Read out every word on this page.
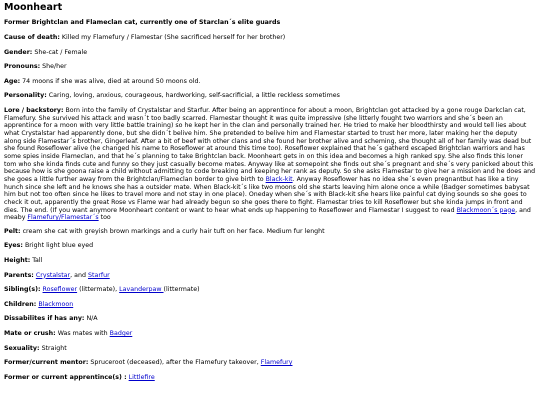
Moonheart
Former Brightclan and Flameclan cat, currently one of Starclan´s elite guards
Cause of death: Killed my Flamefury / Flamestar (She sacrificed herself for her brother)
Gender: She-cat / Female
Pronouns: She/her
Age: 74 moons if she was alive, died at around 50 moons old.
Personality: Caring, loving, anxious, courageous, hardworking, self-sacrificial, a little reckless sometimes
Lore / backstory: Born into the family of Crystalstar and Starfur. After being an apprentince for about a moon, Brightclan got attacked by a gone rouge Darkclan cat, Flamefury. She survived his attack and wasn´t too badly scarred. Flamestar thought it was quite impressive (she litterly fought two warriors and she´s been an apprentince for a moon with very little battle training) so he kept her in the clan and personally trained her. He tried to make her bloodthirsty and would tell lies about what Crystalstar had apparently done, but she didn´t belive him. She pretended to belive him and Flamestar started to trust her more, later making her the deputy along side Flamestar´s brother, Gingerleaf. After a bit of beef with other clans and she found her brother alive and scheming, she thought all of her family was dead but she found Roseflower alive (he changed his name to Roseflower at around this time too). Roseflower explained that he´s gatherd escaped Brightclan warriors and has some spies inside Flameclan, and that he´s planning to take Brightclan back. Moonheart gets in on this idea and becomes a high ranked spy. She also finds this loner tom who she kinda finds cute and funny so they just casually become mates. Anyway like at somepoint she finds out she´s pregnant and she´s very panicked about this because how is she goona raise a child without admitting to code breaking and keeping her rank as deputy. So she asks Flamestar to give her a mission and he does and she goes a little further away from the Brightclan/Flameclan border to give birth to Black-kit. Anyway Roseflower has no idea she´s even pregnantbut has like a tiny hunch since she left and he knows she has a outsider mate. When Black-kit´s like two moons old she starts leaving him alone once a while (Badger sometimes babysat him but not too often since he likes to travel more and not stay in one place). Oneday when she´s with Black-kit she hears like painful cat dying sounds so she goes to check it out, apparently the great Rose vs Flame war had already begun so she goes there to fight. Flamestar tries to kill Roseflower but she kinda jumps in front and dies. The end. (If you want anymore Moonheart content or want to hear what ends up happening to Roseflower and Flamestar I suggest to read Blackmoon´s page, and meaby Flamefury/Flamestar´s too
Pelt: cream she cat with greyish brown markings and a curly hair tuft on her face. Medium fur lenght
Eyes: Bright light blue eyed
Height: Tall
Parents: Crystalstar, and Starfur
Sibling(s): Roseflower (littermate), Lavanderpaw (littermate)
Children: Blackmoon
Dissabilites if has any: N/A
Mate or crush: Was mates with Badger
Sexuality: Straight
Former/current mentor: Spruceroot (deceased), after the Flamefury takeover, Flamefury
Former or current apprentince(s) : Littlefire
